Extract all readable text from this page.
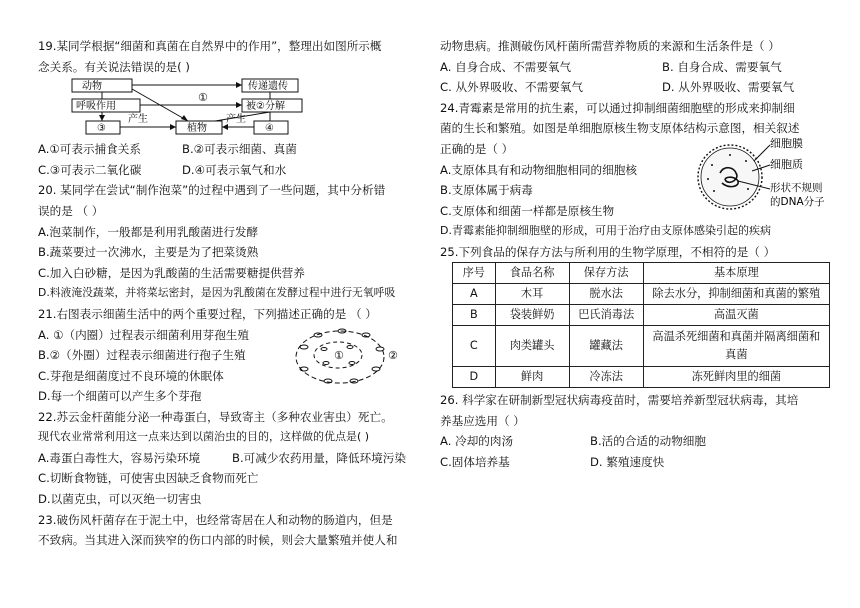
19.某同学根据“细菌和真菌在自然界中的作用”，整理出如图所示概
念关系。有关说法错误的是( )
动物	传递遗传
呼吸作用	被②分解
产生	产生
③	植物	④
①
A.①可表示捕食关系	B.②可表示细菌、真菌
C.③可表示二氧化碳	D.④可表示氧气和水
20. 某同学在尝试“制作泡菜”的过程中遇到了一些问题，其中分析错
误的是 （ ）
A.泡菜制作，一般都是利用乳酸菌进行发酵
B.蔬菜要过一次沸水，主要是为了把菜烫熟
C.加入白砂糖，是因为乳酸菌的生活需要糖提供营养
D.料液淹没蔬菜，并将菜坛密封，是因为乳酸菌在发酵过程中进行无氧呼吸
21.右图表示细菌生活中的两个重要过程，下列描述正确的是 （ ）
A. ①（内圈）过程表示细菌利用芽孢生殖
B.②（外圈）过程表示细菌进行孢子生殖
C.芽孢是细菌度过不良环境的休眠体
D.每一个细菌可以产生多个芽孢
①	②
22.苏云金杆菌能分泌一种毒蛋白，导致寄主（多种农业害虫）死亡。
现代农业常常利用这一点来达到以菌治虫的目的，这样做的优点是( )
A.毒蛋白毒性大，容易污染环境	B.可减少农药用量，降低环境污染
C.切断食物链，可使害虫因缺乏食物而死亡
D.以菌克虫，可以灭绝一切害虫
23.破伤风杆菌存在于泥土中，也经常寄居在人和动物的肠道内，但是
不致病。当其进入深而狭窄的伤口内部的时候，则会大量繁殖并使人和
动物患病。推测破伤风杆菌所需营养物质的来源和生活条件是（ ）
A. 自身合成、不需要氧气	B. 自身合成、需要氧气
C. 从外界吸收、不需要氧气	D. 从外界吸收、需要氧气
24.青霉素是常用的抗生素，可以通过抑制细菌细胞壁的形成来抑制细
菌的生长和繁殖。如图是单细胞原核生物支原体结构示意图，相关叙述
正确的是（ ）
A.支原体具有和动物细胞相同的细胞核
B.支原体属于病毒
C.支原体和细菌一样都是原核生物
细胞膜
细胞质
形状不规则
的DNA分子
D.青霉素能抑制细胞壁的形成，可用于治疗由支原体感染引起的疾病
25.下列食品的保存方法与所利用的生物学原理，不相符的是（ ）
序号	食品名称	保存方法	基本原理
A	木耳	脱水法	除去水分，抑制细菌和真菌的繁殖
B	袋装鲜奶	巴氏消毒法	高温灭菌
C	肉类罐头	罐藏法	高温杀死细菌和真菌并隔离细菌和真菌
D	鲜肉	冷冻法	冻死鲜肉里的细菌
26. 科学家在研制新型冠状病毒疫苗时，需要培养新型冠状病毒，其培
养基应选用（ ）
A. 冷却的肉汤	B.活的合适的动物细胞
C.固体培养基	D. 繁殖速度快
